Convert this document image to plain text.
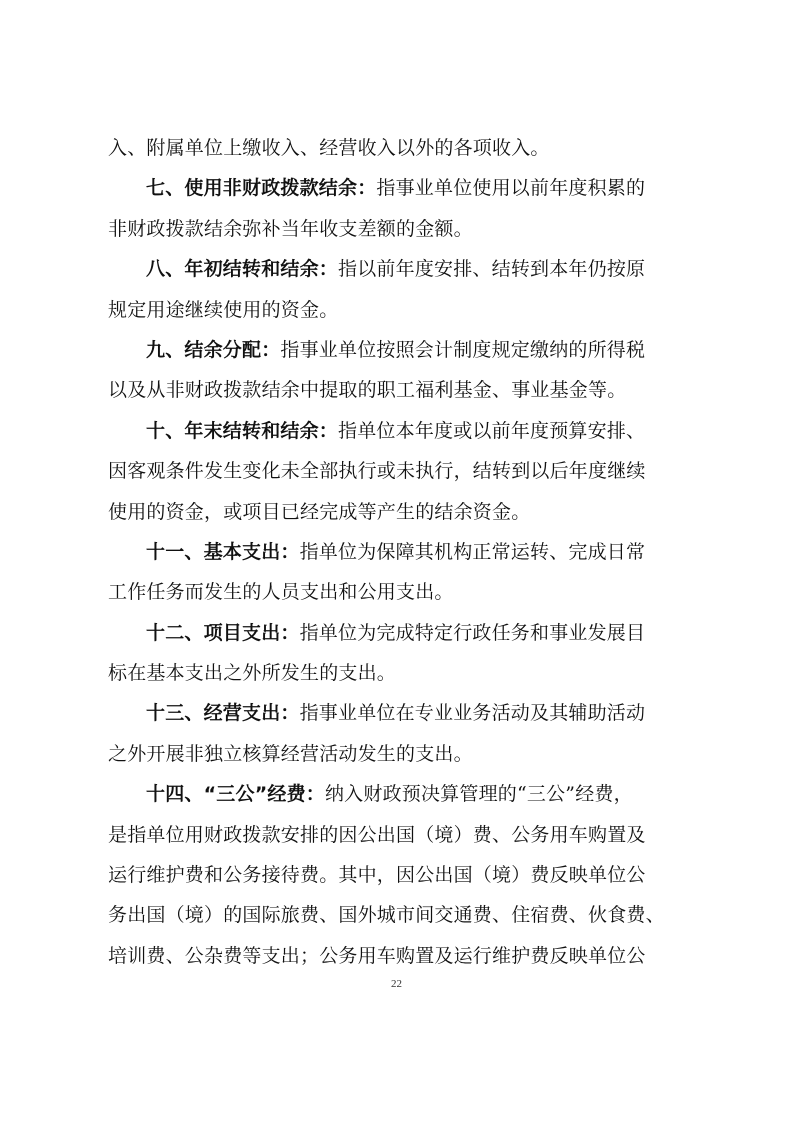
入、附属单位上缴收入、经营收入以外的各项收入。
七、使用非财政拨款结余：指事业单位使用以前年度积累的
非财政拨款结余弥补当年收支差额的金额。
八、年初结转和结余：指以前年度安排、结转到本年仍按原
规定用途继续使用的资金。
九、结余分配：指事业单位按照会计制度规定缴纳的所得税
以及从非财政拨款结余中提取的职工福利基金、事业基金等。
十、年末结转和结余：指单位本年度或以前年度预算安排、
因客观条件发生变化未全部执行或未执行，结转到以后年度继续
使用的资金，或项目已经完成等产生的结余资金。
十一、基本支出：指单位为保障其机构正常运转、完成日常
工作任务而发生的人员支出和公用支出。
十二、项目支出：指单位为完成特定行政任务和事业发展目
标在基本支出之外所发生的支出。
十三、经营支出：指事业单位在专业业务活动及其辅助活动
之外开展非独立核算经营活动发生的支出。
十四、“三公”经费：纳入财政预决算管理的“三公”经费，
是指单位用财政拨款安排的因公出国（境）费、公务用车购置及
运行维护费和公务接待费。其中，因公出国（境）费反映单位公
务出国（境）的国际旅费、国外城市间交通费、住宿费、伙食费、
培训费、公杂费等支出；公务用车购置及运行维护费反映单位公
22
